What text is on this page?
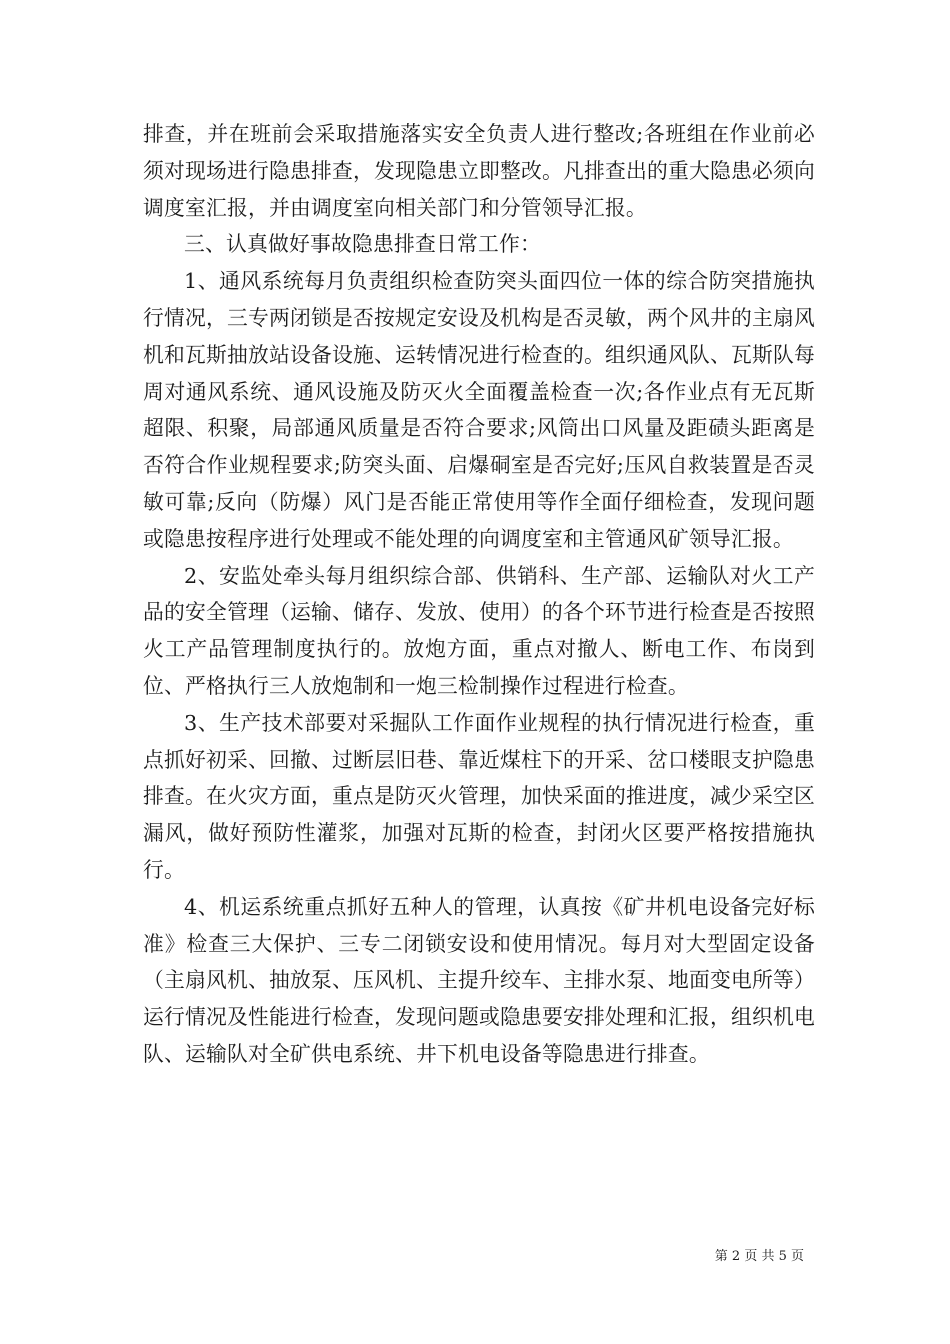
排查，并在班前会采取措施落实安全负责人进行整改;各班组在作业前必须对现场进行隐患排查，发现隐患立即整改。凡排查出的重大隐患必须向调度室汇报，并由调度室向相关部门和分管领导汇报。

三、认真做好事故隐患排查日常工作：

1、通风系统每月负责组织检查防突头面四位一体的综合防突措施执行情况，三专两闭锁是否按规定安设及机构是否灵敏，两个风井的主扇风机和瓦斯抽放站设备设施、运转情况进行检查的。组织通风队、瓦斯队每周对通风系统、通风设施及防灭火全面覆盖检查一次;各作业点有无瓦斯超限、积聚，局部通风质量是否符合要求;风筒出口风量及距碛头距离是否符合作业规程要求;防突头面、启爆硐室是否完好;压风自救装置是否灵敏可靠;反向（防爆）风门是否能正常使用等作全面仔细检查，发现问题或隐患按程序进行处理或不能处理的向调度室和主管通风矿领导汇报。

2、安监处牵头每月组织综合部、供销科、生产部、运输队对火工产品的安全管理（运输、储存、发放、使用）的各个环节进行检查是否按照火工产品管理制度执行的。放炮方面，重点对撤人、断电工作、布岗到位、严格执行三人放炮制和一炮三检制操作过程进行检查。

3、生产技术部要对采掘队工作面作业规程的执行情况进行检查，重点抓好初采、回撤、过断层旧巷、靠近煤柱下的开采、岔口楼眼支护隐患排查。在火灾方面，重点是防灭火管理，加快采面的推进度，减少采空区漏风，做好预防性灌浆，加强对瓦斯的检查，封闭火区要严格按措施执行。

4、机运系统重点抓好五种人的管理，认真按《矿井机电设备完好标准》检查三大保护、三专二闭锁安设和使用情况。每月对大型固定设备（主扇风机、抽放泵、压风机、主提升绞车、主排水泵、地面变电所等）运行情况及性能进行检查，发现问题或隐患要安排处理和汇报，组织机电队、运输队对全矿供电系统、井下机电设备等隐患进行排查。

第 2 页 共 5 页
